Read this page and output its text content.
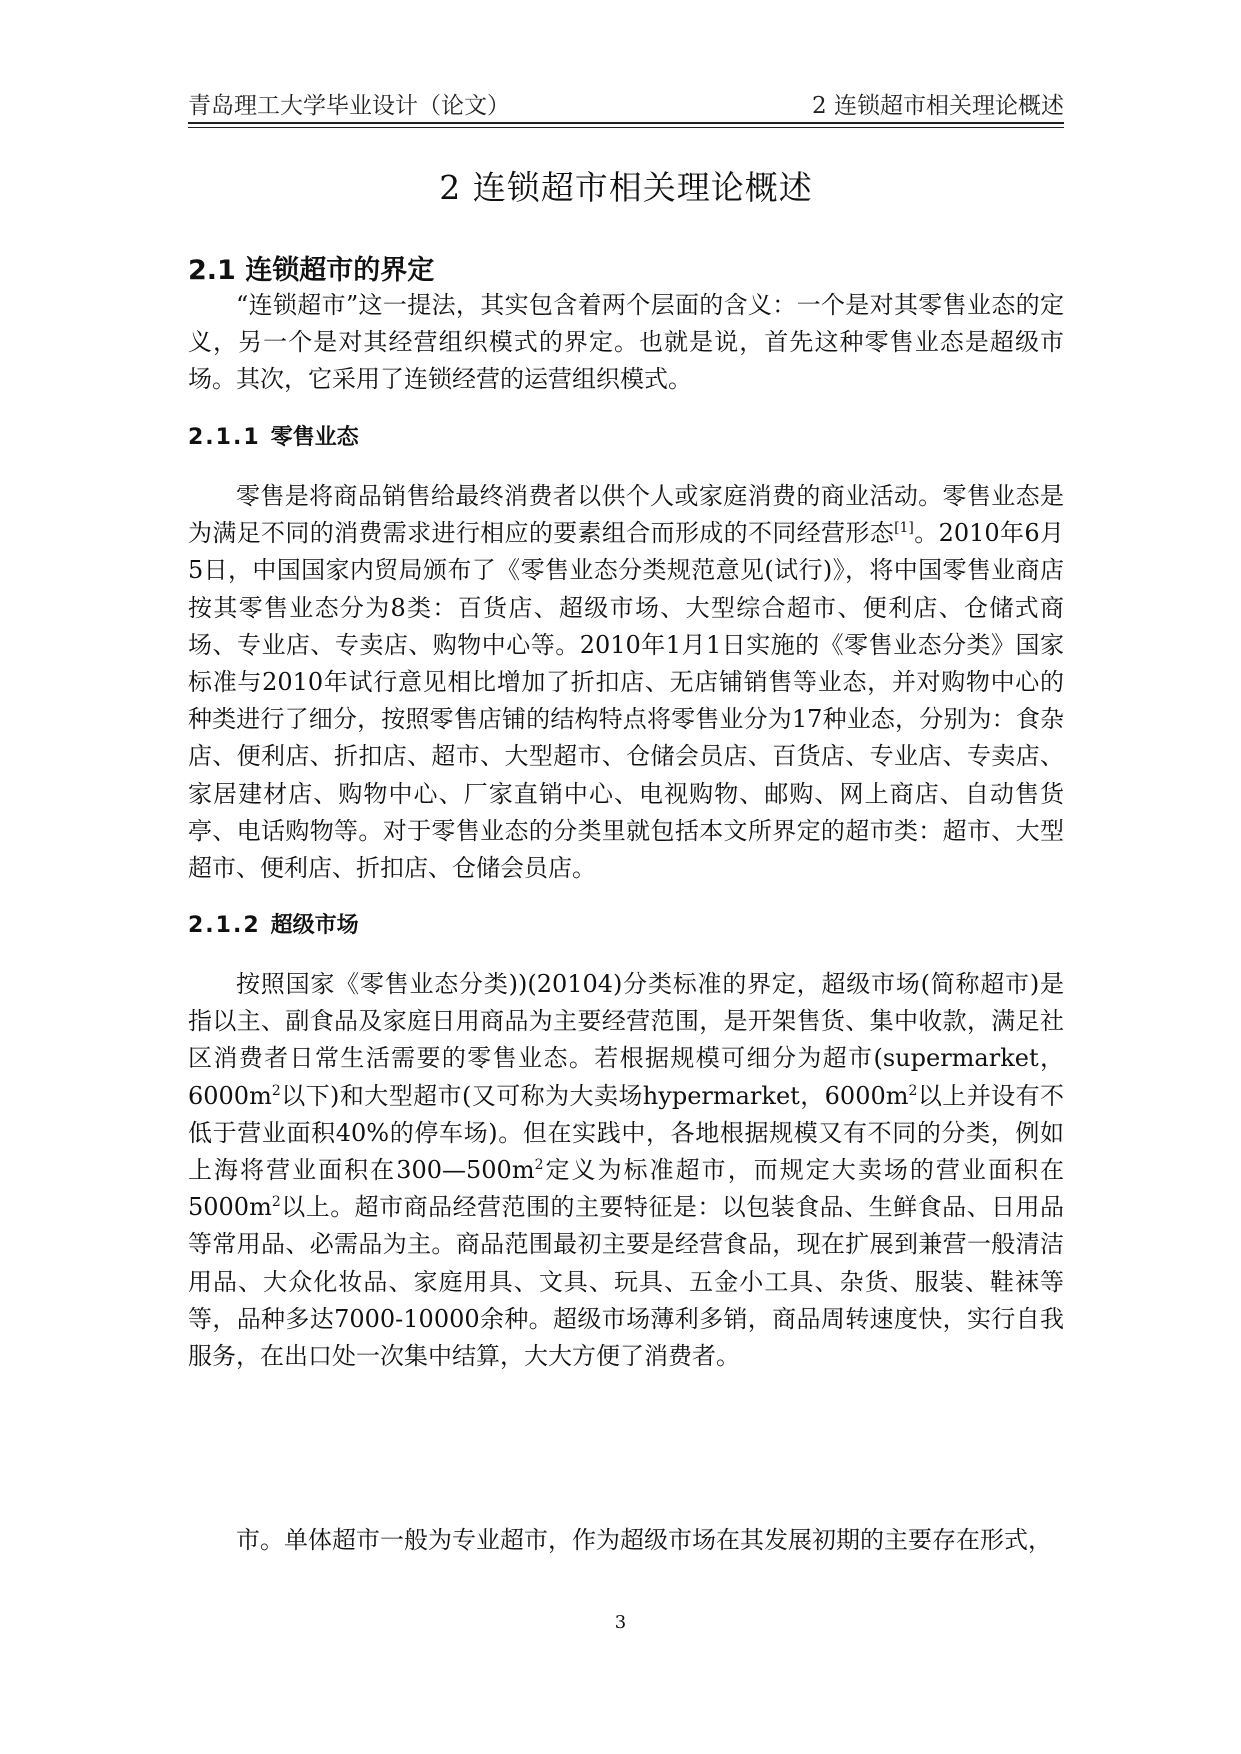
青岛理工大学毕业设计（论文）	2 连锁超市相关理论概述
2 连锁超市相关理论概述
2.1 连锁超市的界定

“连锁超市”这一提法，其实包含着两个层面的含义：一个是对其零售业态的定义，另一个是对其经营组织模式的界定。也就是说，首先这种零售业态是超级市场。其次，它采用了连锁经营的运营组织模式。

2.1.1 零售业态

零售是将商品销售给最终消费者以供个人或家庭消费的商业活动。零售业态是为满足不同的消费需求进行相应的要素组合而形成的不同经营形态[1]。2010年6月5日，中国国家内贸局颁布了《零售业态分类规范意见(试行)》，将中国零售业商店按其零售业态分为8类：百货店、超级市场、大型综合超市、便利店、仓储式商场、专业店、专卖店、购物中心等。2010年1月1日实施的《零售业态分类》国家标准与2010年试行意见相比增加了折扣店、无店铺销售等业态，并对购物中心的种类进行了细分，按照零售店铺的结构特点将零售业分为17种业态，分别为：食杂店、便利店、折扣店、超市、大型超市、仓储会员店、百货店、专业店、专卖店、家居建材店、购物中心、厂家直销中心、电视购物、邮购、网上商店、自动售货亭、电话购物等。对于零售业态的分类里就包括本文所界定的超市类：超市、大型超市、便利店、折扣店、仓储会员店。

2.1.2 超级市场

按照国家《零售业态分类))(20104)分类标准的界定，超级市场(简称超市)是指以主、副食品及家庭日用商品为主要经营范围，是开架售货、集中收款，满足社区消费者日常生活需要的零售业态。若根据规模可细分为超市(supermarket，$6000m^2$以下)和大型超市(又可称为大卖场hypermarket，$6000m^2$以上并设有不低于营业面积40%的停车场)。但在实践中，各地根据规模又有不同的分类，例如上海将营业面积在$300—500m^2$定义为标准超市，而规定大卖场的营业面积在$5000m^2$以上。超市商品经营范围的主要特征是：以包装食品、生鲜食品、日用品等常用品、必需品为主。商品范围最初主要是经营食品，现在扩展到兼营一般清洁用品、大众化妆品、家庭用具、文具、玩具、五金小工具、杂货、服装、鞋袜等等，品种多达7000-10000余种。超级市场薄利多销，商品周转速度快，实行自我服务，在出口处一次集中结算，大大方便了消费者。

市。单体超市一般为专业超市，作为超级市场在其发展初期的主要存在形式，

3
